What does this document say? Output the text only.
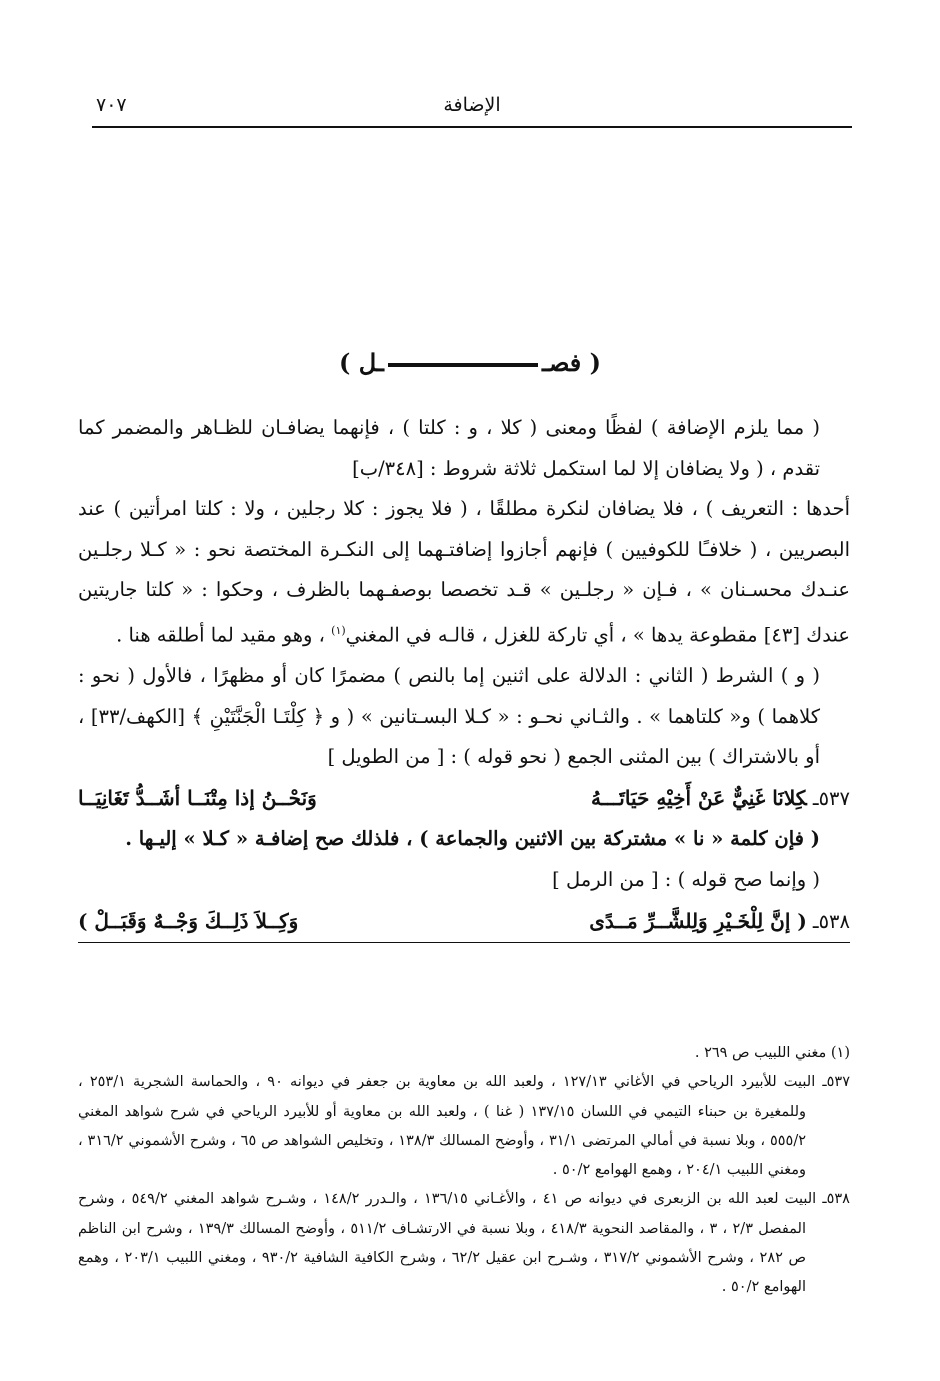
الإضافة
٧٠٧
( فصــل )

( مما يلزم الإضافة ) لفظًا ومعنى ( كلا ، و : كلتا ) ، فإنهما يضافـان للظـاهر والمضمر كما تقدم ، ( ولا يضافان إلا لما استكمل ثلاثة شروط : [٣٤٨/ب]

أحدها : التعريف ) ، فلا يضافان لنكرة مطلقًا ، ( فلا يجوز : كلا رجلين ، ولا : كلتا امرأتين ) عند البصريين ، ( خلافـًا للكوفيين ) فإنهم أجازوا إضافتـهما إلى النكـرة المختصة نحو : « كـلا رجلـين عنـدك محسـنان » ، فـإن « رجلـين » قـد تخصصا بوصفـهما بالظرف ، وحكوا : « كلتا جاريتين عندك [٤٣] مقطوعة يدها » ، أي تاركة للغزل ، قالـه في المغني$^{(١)}$ ، وهو مقيد لما أطلقه هنا .

( و ) الشرط ( الثاني : الدلالة على اثنين إما بالنص ) مضمرًا كان أو مظهرًا ، فالأول ( نحو : كلاهما ) و« كلتاهما » . والثـاني نحـو : « كـلا البسـتانين » ( و ﴿ كِلْتَـا الْجَنَّتَيْنِ ﴾ [الكهف/٣٣] ، أو بالاشتراك ) بين المثنى الجمع ( نحو قوله ) : [ من الطويل ]

٥٣٧ـكِلانَا غَنِيٌّ عَنْ أَخِيْهِ حَيَاتَـــهُ
وَنَحْــنُ إذا مِتْنَــا أشَــدُّ تَغَانِيَــا

( فإن كلمة « نا » مشتركة بين الاثنين والجماعة ) ، فلذلك صح إضافـة « كـلا » إليـها .

( وإنما صح قوله ) : [ من الرمل ]

٥٣٨ـ( إنَّ لِلْخَـيْرِ وَلِلشَّــرِّ مَــدًى
وَكِــلاَ ذَلِــكَ وَجْــهٌ وَقَبَــلْ )

(١) مغني اللبيب ص ٢٦٩ .

٥٣٧ـ البيت للأبيرد الرياحي في الأغاني ١٢٧/١٣ ، ولعبد الله بن معاوية بن جعفر في ديوانه ٩٠ ، والحماسة الشجرية ٢٥٣/١ ، وللمغيرة بن حبناء التيمي في اللسان ١٣٧/١٥ ( غنا ) ، ولعبد الله بن معاوية أو للأبيرد الرياحي في شرح شواهد المغني ٥٥٥/٢ ، وبلا نسبة في أمالي المرتضى ٣١/١ ، وأوضح المسالك ١٣٨/٣ ، وتخليص الشواهد ص ٦٥ ، وشرح الأشموني ٣١٦/٢ ، ومغني اللبيب ٢٠٤/١ ، وهمع الهوامع ٥٠/٢ .

٥٣٨ـ البيت لعبد الله بن الزبعرى في ديوانه ص ٤١ ، والأغـاني ١٣٦/١٥ ، والـدرر ١٤٨/٢ ، وشـرح شواهد المغني ٥٤٩/٢ ، وشرح المفصل ٢/٣ ، ٣ ، والمقاصد النحوية ٤١٨/٣ ، وبلا نسبة في الارتشـاف ٥١١/٢ ، وأوضح المسالك ١٣٩/٣ ، وشرح ابن الناظم ص ٢٨٢ ، وشرح الأشموني ٣١٧/٢ ، وشـرح ابن عقيل ٦٢/٢ ، وشرح الكافية الشافية ٩٣٠/٢ ، ومغني اللبيب ٢٠٣/١ ، وهمع الهوامع ٥٠/٢ .
